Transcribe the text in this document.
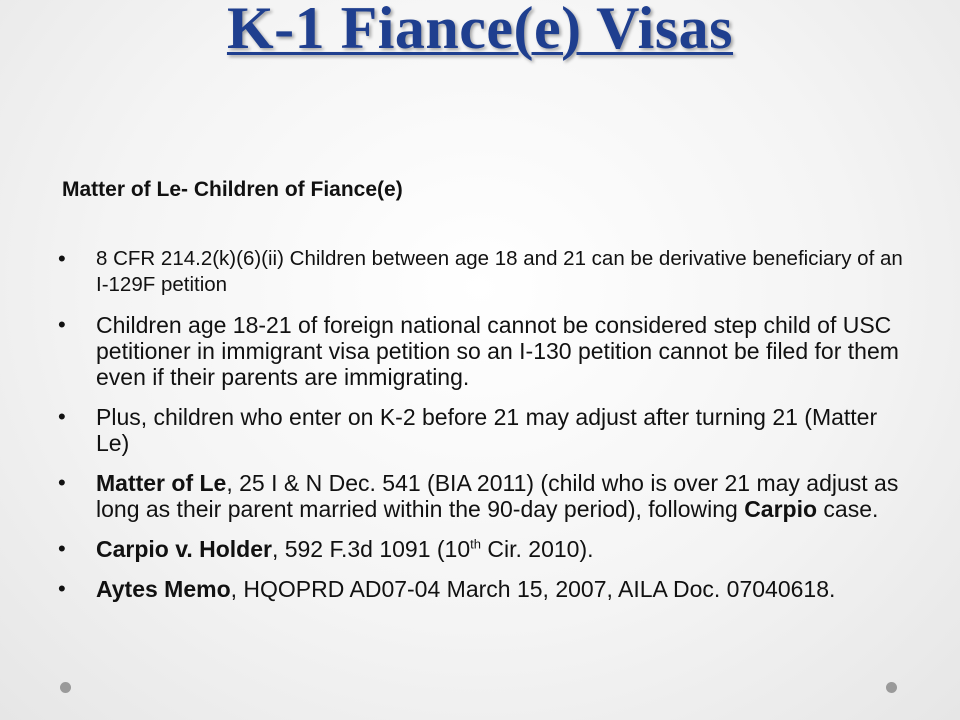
K-1 Fiance(e) Visas

Matter of Le- Children of Fiance(e)

• 8 CFR 214.2(k)(6)(ii) Children between age 18 and 21 can be derivative beneficiary of an I-129F petition
• Children age 18-21 of foreign national cannot be considered step child of USC petitioner in immigrant visa petition so an I-130 petition cannot be filed for them even if their parents are immigrating.
• Plus, children who enter on K-2 before 21 may adjust after turning 21 (Matter Le)
• Matter of Le, 25 I & N Dec. 541 (BIA 2011) (child who is over 21 may adjust as long as their parent married within the 90-day period), following Carpio case.
• Carpio v. Holder, 592 F.3d 1091 (10th Cir. 2010).
• Aytes Memo, HQOPRD AD07-04 March 15, 2007, AILA Doc. 07040618.
